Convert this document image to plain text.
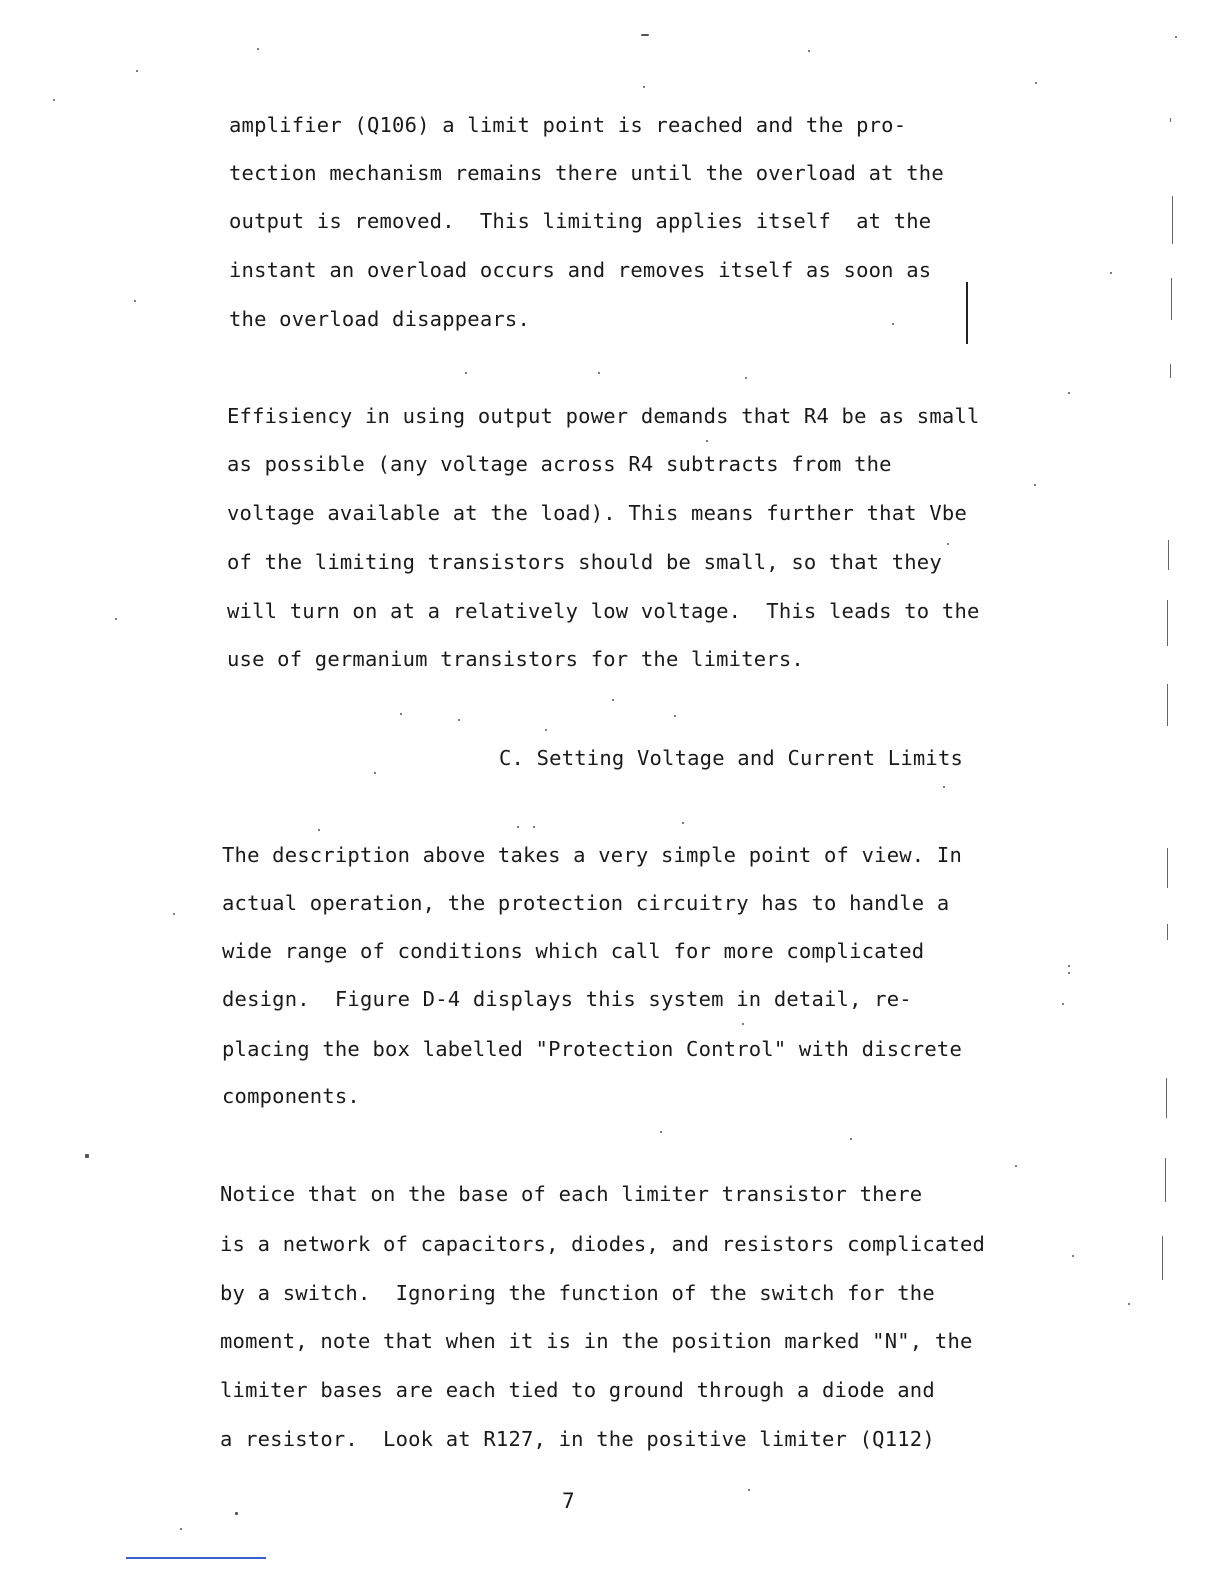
amplifier (Q106) a limit point is reached and the pro-
tection mechanism remains there until the overload at the
output is removed.  This limiting applies itself  at the
instant an overload occurs and removes itself as soon as
the overload disappears.
Effisiency in using output power demands that R4 be as small
as possible (any voltage across R4 subtracts from the
voltage available at the load). This means further that Vbe
of the limiting transistors should be small, so that they
will turn on at a relatively low voltage.  This leads to the
use of germanium transistors for the limiters.
C. Setting Voltage and Current Limits
The description above takes a very simple point of view. In
actual operation, the protection circuitry has to handle a
wide range of conditions which call for more complicated
design.  Figure D-4 displays this system in detail, re-
placing the box labelled "Protection Control" with discrete
components.
Notice that on the base of each limiter transistor there
is a network of capacitors, diodes, and resistors complicated
by a switch.  Ignoring the function of the switch for the
moment, note that when it is in the position marked "N", the
limiter bases are each tied to ground through a diode and
a resistor.  Look at R127, in the positive limiter (Q112)
7
